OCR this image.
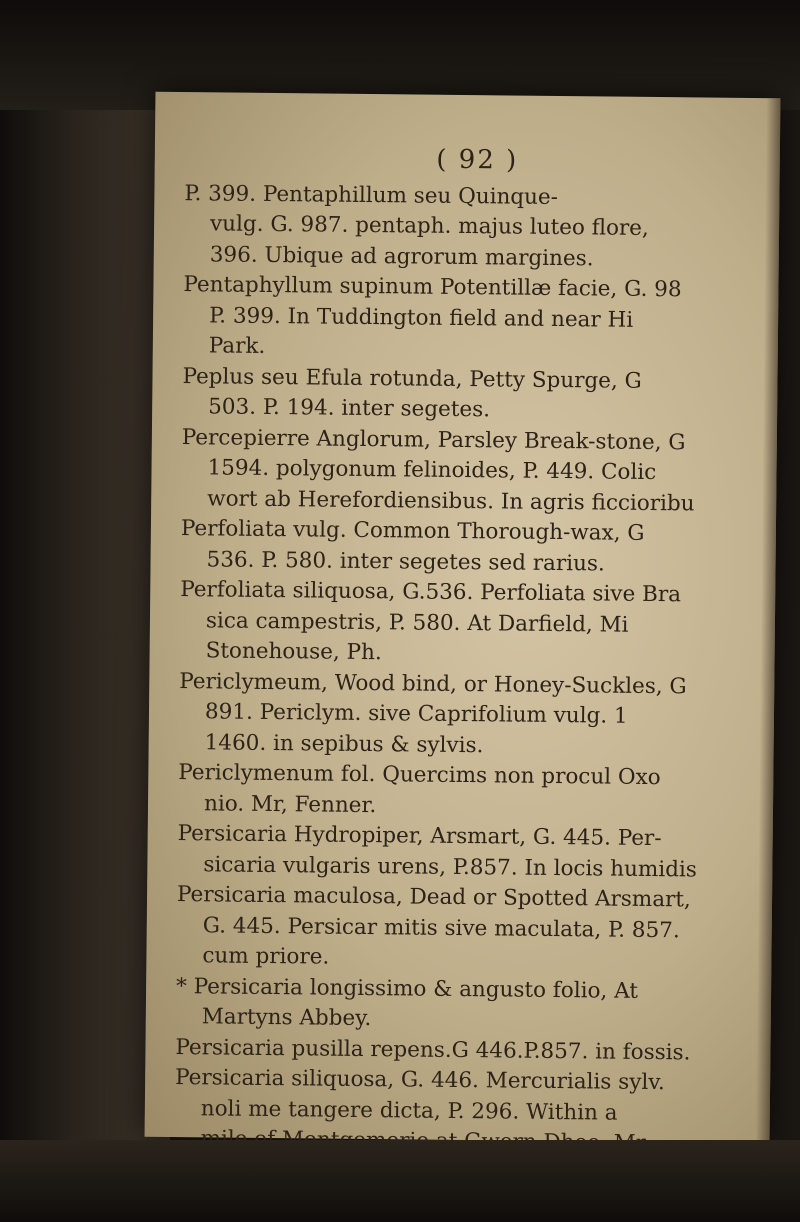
( 92 )
P. 399. Pentaphillum seu Quinque-
vulg. G. 987. pentaph. majus luteo flore,
396. Ubique ad agrorum margines.
Pentaphyllum supinum Potentillæ facie, G. 98
P. 399. In Tuddington field and near Hi
Park.
Peplus seu Efula rotunda, Petty Spurge, G
503. P. 194. inter segetes.
Percepierre Anglorum, Parsley Break-stone, G
1594. polygonum felinoides, P. 449. Colic
wort ab Herefordiensibus. In agris ficcioribu
Perfoliata vulg. Common Thorough-wax, G
536. P. 580. inter segetes sed rarius.
Perfoliata siliquosa, G.536. Perfoliata sive Bra
sica campestris, P. 580. At Darfield, Mi
Stonehouse, Ph.
Periclymeum, Wood bind, or Honey-Suckles, G
891. Periclym. sive Caprifolium vulg. 1
1460. in sepibus & sylvis.
Periclymenum fol. Quercims non procul Oxo
nio. Mr, Fenner.
Persicaria Hydropiper, Arsmart, G. 445. Per-
sicaria vulgaris urens, P.857. In locis humidis
Persicaria maculosa, Dead or Spotted Arsmart,
G. 445. Persicar mitis sive maculata, P. 857.
cum priore.
* Persicaria longissimo & angusto folio, At
Martyns Abbey.
Persicaria pusilla repens.G 446.P.857. in fossis.
Persicaria siliquosa, G. 446. Mercurialis sylv.
noli me tangere dicta, P. 296. Within a
